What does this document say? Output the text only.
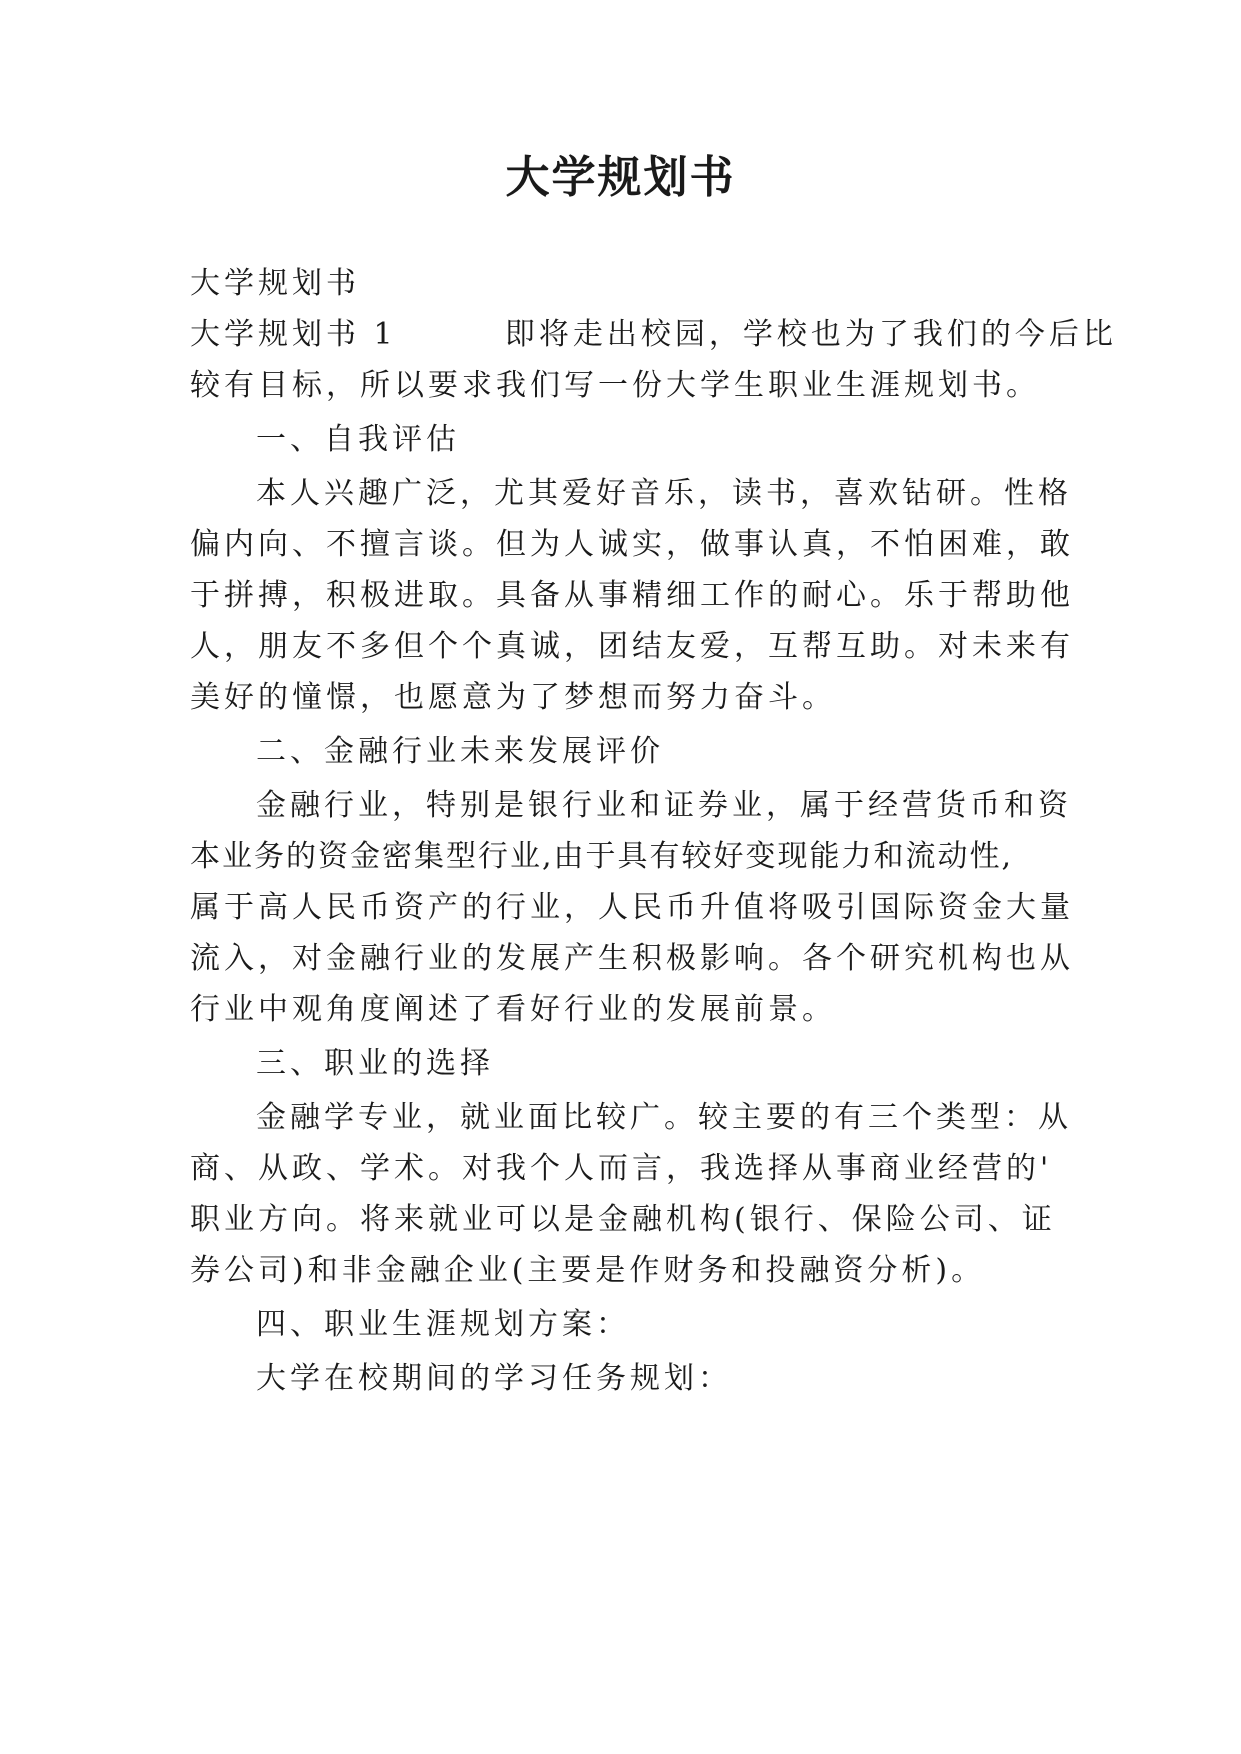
大学规划书
大学规划书
大学规划书 1        即将走出校园，学校也为了我们的今后比
较有目标，所以要求我们写一份大学生职业生涯规划书。
一、自我评估
本人兴趣广泛，尤其爱好音乐，读书，喜欢钻研。性格
偏内向、不擅言谈。但为人诚实，做事认真，不怕困难，敢
于拼搏，积极进取。具备从事精细工作的耐心。乐于帮助他
人，朋友不多但个个真诚，团结友爱，互帮互助。对未来有
美好的憧憬，也愿意为了梦想而努力奋斗。
二、金融行业未来发展评价
金融行业，特别是银行业和证券业，属于经营货币和资
本业务的资金密集型行业,由于具有较好变现能力和流动性,
属于高人民币资产的行业，人民币升值将吸引国际资金大量
流入，对金融行业的发展产生积极影响。各个研究机构也从
行业中观角度阐述了看好行业的发展前景。
三、职业的选择
金融学专业，就业面比较广。较主要的有三个类型：从
商、从政、学术。对我个人而言，我选择从事商业经营的'
职业方向。将来就业可以是金融机构(银行、保险公司、证
券公司)和非金融企业(主要是作财务和投融资分析)。
四、职业生涯规划方案：
大学在校期间的学习任务规划：
